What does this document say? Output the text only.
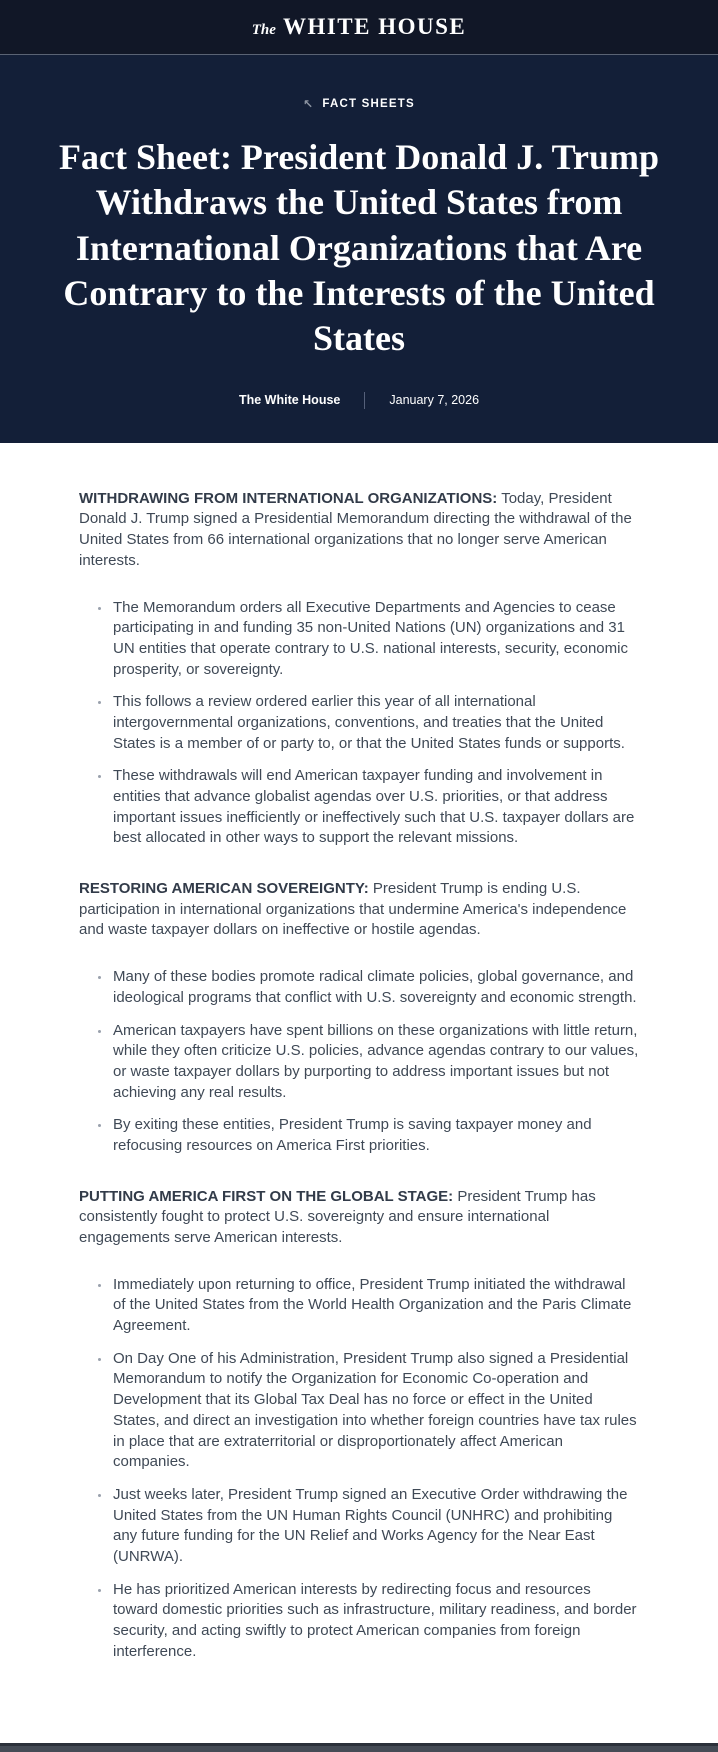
The WHITE HOUSE
↖ FACT SHEETS
Fact Sheet: President Donald J. Trump Withdraws the United States from International Organizations that Are Contrary to the Interests of the United States
The White House	January 7, 2026

WITHDRAWING FROM INTERNATIONAL ORGANIZATIONS: Today, President Donald J. Trump signed a Presidential Memorandum directing the withdrawal of the United States from 66 international organizations that no longer serve American interests.

• The Memorandum orders all Executive Departments and Agencies to cease participating in and funding 35 non-United Nations (UN) organizations and 31 UN entities that operate contrary to U.S. national interests, security, economic prosperity, or sovereignty.
• This follows a review ordered earlier this year of all international intergovernmental organizations, conventions, and treaties that the United States is a member of or party to, or that the United States funds or supports.
• These withdrawals will end American taxpayer funding and involvement in entities that advance globalist agendas over U.S. priorities, or that address important issues inefficiently or ineffectively such that U.S. taxpayer dollars are best allocated in other ways to support the relevant missions.

RESTORING AMERICAN SOVEREIGNTY: President Trump is ending U.S. participation in international organizations that undermine America's independence and waste taxpayer dollars on ineffective or hostile agendas.

• Many of these bodies promote radical climate policies, global governance, and ideological programs that conflict with U.S. sovereignty and economic strength.
• American taxpayers have spent billions on these organizations with little return, while they often criticize U.S. policies, advance agendas contrary to our values, or waste taxpayer dollars by purporting to address important issues but not achieving any real results.
• By exiting these entities, President Trump is saving taxpayer money and refocusing resources on America First priorities.

PUTTING AMERICA FIRST ON THE GLOBAL STAGE: President Trump has consistently fought to protect U.S. sovereignty and ensure international engagements serve American interests.

• Immediately upon returning to office, President Trump initiated the withdrawal of the United States from the World Health Organization and the Paris Climate Agreement.
• On Day One of his Administration, President Trump also signed a Presidential Memorandum to notify the Organization for Economic Co-operation and Development that its Global Tax Deal has no force or effect in the United States, and direct an investigation into whether foreign countries have tax rules in place that are extraterritorial or disproportionately affect American companies.
• Just weeks later, President Trump signed an Executive Order withdrawing the United States from the UN Human Rights Council (UNHRC) and prohibiting any future funding for the UN Relief and Works Agency for the Near East (UNRWA).
• He has prioritized American interests by redirecting focus and resources toward domestic priorities such as infrastructure, military readiness, and border security, and acting swiftly to protect American companies from foreign interference.
